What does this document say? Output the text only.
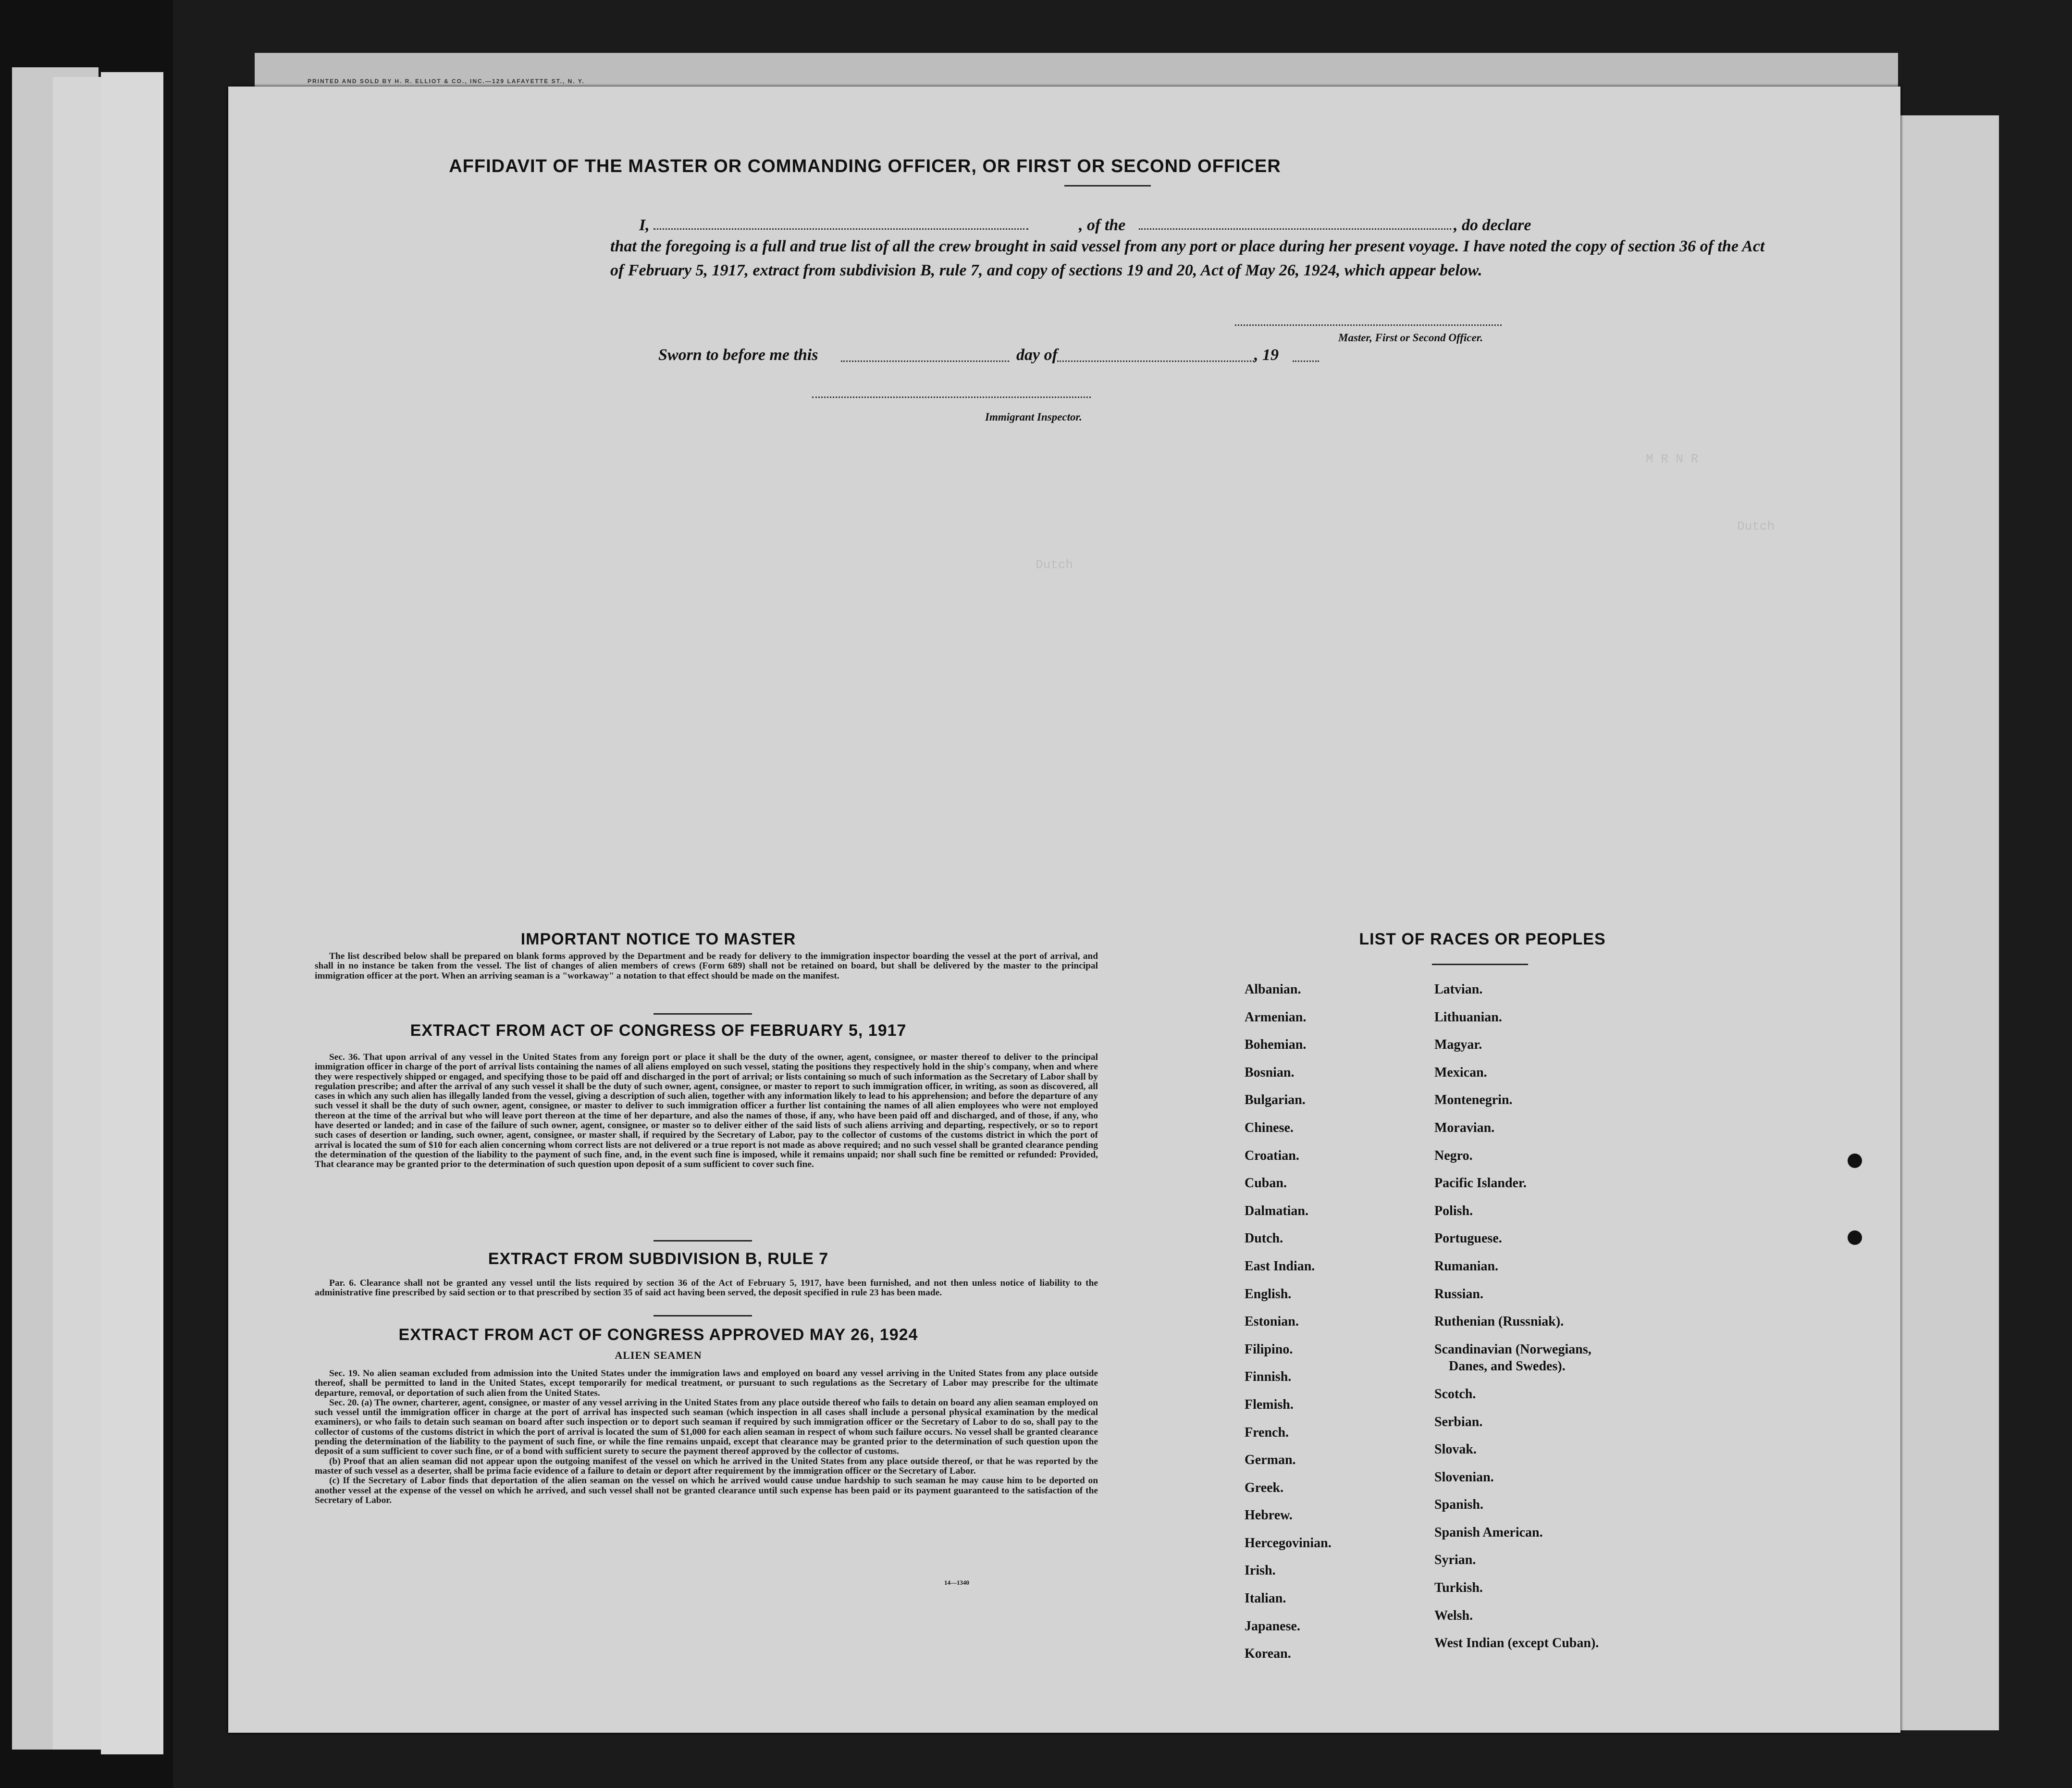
PRINTED AND SOLD BY H. R. ELLIOT & CO., INC.—129 LAFAYETTE ST., N. Y.
AFFIDAVIT OF THE MASTER OR COMMANDING OFFICER, OR FIRST OR SECOND OFFICER
I,	, of the	, do declare
that the foregoing is a full and true list of all the crew brought in said vessel from any port or place during her present voyage. I have noted the copy of section 36 of the Act of February 5, 1917, extract from subdivision B, rule 7, and copy of sections 19 and 20, Act of May 26, 1924, which appear below.
Master, First or Second Officer.
Sworn to before me this	day of	, 19
Immigrant Inspector.
IMPORTANT NOTICE TO MASTER

The list described below shall be prepared on blank forms approved by the Department and be ready for delivery to the immigration inspector boarding the vessel at the port of arrival, and shall in no instance be taken from the vessel. The list of changes of alien members of crews (Form 689) shall not be retained on board, but shall be delivered by the master to the principal immigration officer at the port. When an arriving seaman is a "workaway" a notation to that effect should be made on the manifest.

EXTRACT FROM ACT OF CONGRESS OF FEBRUARY 5, 1917

Sec. 36. That upon arrival of any vessel in the United States from any foreign port or place it shall be the duty of the owner, agent, consignee, or master thereof to deliver to the principal immigration officer in charge of the port of arrival lists containing the names of all aliens employed on such vessel, stating the positions they respectively hold in the ship's company, when and where they were respectively shipped or engaged, and specifying those to be paid off and discharged in the port of arrival; or lists containing so much of such information as the Secretary of Labor shall by regulation prescribe; and after the arrival of any such vessel it shall be the duty of such owner, agent, consignee, or master to report to such immigration officer, in writing, as soon as discovered, all cases in which any such alien has illegally landed from the vessel, giving a description of such alien, together with any information likely to lead to his apprehension; and before the departure of any such vessel it shall be the duty of such owner, agent, consignee, or master to deliver to such immigration officer a further list containing the names of all alien employees who were not employed thereon at the time of the arrival but who will leave port thereon at the time of her departure, and also the names of those, if any, who have been paid off and discharged, and of those, if any, who have deserted or landed; and in case of the failure of such owner, agent, consignee, or master so to deliver either of the said lists of such aliens arriving and departing, respectively, or so to report such cases of desertion or landing, such owner, agent, consignee, or master shall, if required by the Secretary of Labor, pay to the collector of customs of the customs district in which the port of arrival is located the sum of $10 for each alien concerning whom correct lists are not delivered or a true report is not made as above required; and no such vessel shall be granted clearance pending the determination of the question of the liability to the payment of such fine, and, in the event such fine is imposed, while it remains unpaid; nor shall such fine be remitted or refunded: Provided, That clearance may be granted prior to the determination of such question upon deposit of a sum sufficient to cover such fine.

EXTRACT FROM SUBDIVISION B, RULE 7

Par. 6. Clearance shall not be granted any vessel until the lists required by section 36 of the Act of February 5, 1917, have been furnished, and not then unless notice of liability to the administrative fine prescribed by said section or to that prescribed by section 35 of said act having been served, the deposit specified in rule 23 has been made.

EXTRACT FROM ACT OF CONGRESS APPROVED MAY 26, 1924
ALIEN SEAMEN

Sec. 19. No alien seaman excluded from admission into the United States under the immigration laws and employed on board any vessel arriving in the United States from any place outside thereof, shall be permitted to land in the United States, except temporarily for medical treatment, or pursuant to such regulations as the Secretary of Labor may prescribe for the ultimate departure, removal, or deportation of such alien from the United States.

Sec. 20. (a) The owner, charterer, agent, consignee, or master of any vessel arriving in the United States from any place outside thereof who fails to detain on board any alien seaman employed on such vessel until the immigration officer in charge at the port of arrival has inspected such seaman (which inspection in all cases shall include a personal physical examination by the medical examiners), or who fails to detain such seaman on board after such inspection or to deport such seaman if required by such immigration officer or the Secretary of Labor to do so, shall pay to the collector of customs of the customs district in which the port of arrival is located the sum of $1,000 for each alien seaman in respect of whom such failure occurs. No vessel shall be granted clearance pending the determination of the liability to the payment of such fine, or while the fine remains unpaid, except that clearance may be granted prior to the determination of such question upon the deposit of a sum sufficient to cover such fine, or of a bond with sufficient surety to secure the payment thereof approved by the collector of customs.

(b) Proof that an alien seaman did not appear upon the outgoing manifest of the vessel on which he arrived in the United States from any place outside thereof, or that he was reported by the master of such vessel as a deserter, shall be prima facie evidence of a failure to detain or deport after requirement by the immigration officer or the Secretary of Labor.

(c) If the Secretary of Labor finds that deportation of the alien seaman on the vessel on which he arrived would cause undue hardship to such seaman he may cause him to be deported on another vessel at the expense of the vessel on which he arrived, and such vessel shall not be granted clearance until such expense has been paid or its payment guaranteed to the satisfaction of the Secretary of Labor.

14—1340
LIST OF RACES OR PEOPLES
Albanian.
Armenian.
Bohemian.
Bosnian.
Bulgarian.
Chinese.
Croatian.
Cuban.
Dalmatian.
Dutch.
East Indian.
English.
Estonian.
Filipino.
Finnish.
Flemish.
French.
German.
Greek.
Hebrew.
Hercegovinian.
Irish.
Italian.
Japanese.
Korean.
Latvian.
Lithuanian.
Magyar.
Mexican.
Montenegrin.
Moravian.
Negro.
Pacific Islander.
Polish.
Portuguese.
Rumanian.
Russian.
Ruthenian (Russniak).
Scandinavian (Norwegians,
Danes, and Swedes).
Scotch.
Serbian.
Slovak.
Slovenian.
Spanish.
Spanish American.
Syrian.
Turkish.
Welsh.
West Indian (except Cuban).
M R N R
Dutch
Dutch
